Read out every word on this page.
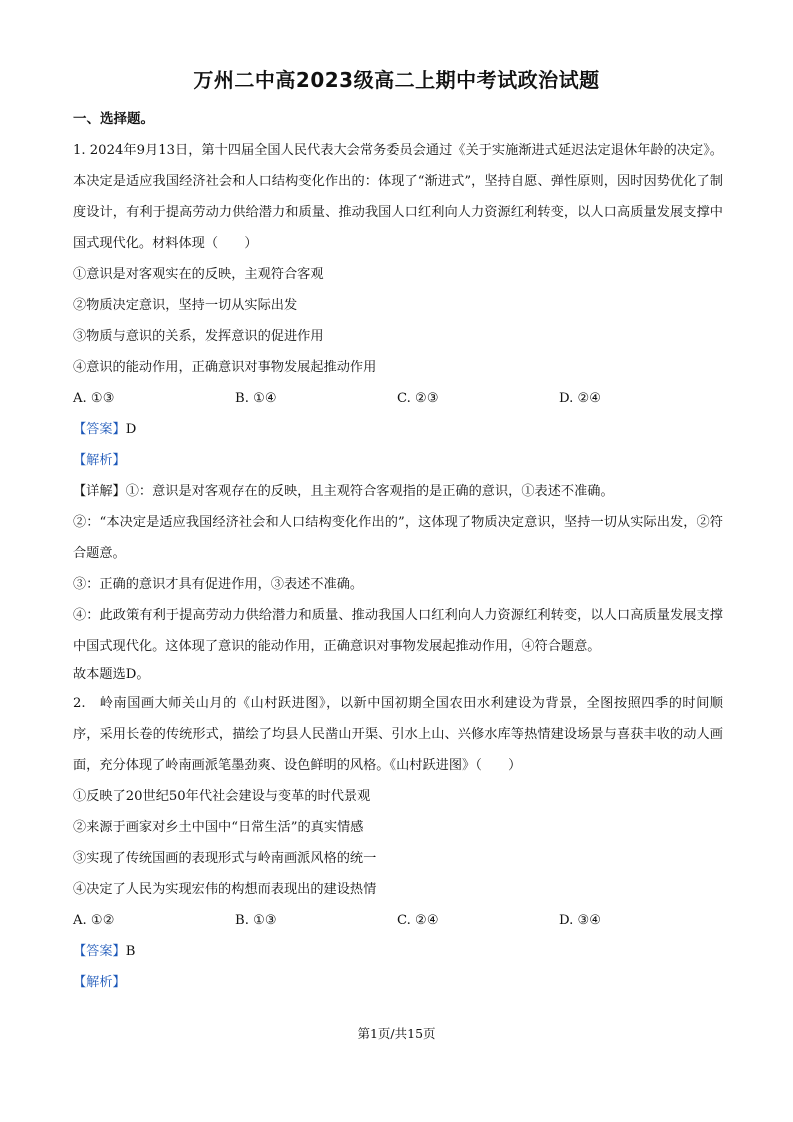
万州二中高2023级高二上期中考试政治试题
一、选择题。
1. 2024年9月13日，第十四届全国人民代表大会常务委员会通过《关于实施渐进式延迟法定退休年龄的决定》。本决定是适应我国经济社会和人口结构变化作出的：体现了“渐进式”，坚持自愿、弹性原则，因时因势优化了制度设计，有利于提高劳动力供给潜力和质量、推动我国人口红利向人力资源红利转变，以人口高质量发展支撑中国式现代化。材料体现（　　）
①意识是对客观实在的反映，主观符合客观
②物质决定意识，坚持一切从实际出发
③物质与意识的关系，发挥意识的促进作用
④意识的能动作用，正确意识对事物发展起推动作用
A. ①③	B. ①④	C. ②③	D. ②④
【答案】D
【解析】
【详解】①：意识是对客观存在的反映，且主观符合客观指的是正确的意识，①表述不准确。
②：“本决定是适应我国经济社会和人口结构变化作出的”，这体现了物质决定意识，坚持一切从实际出发，②符合题意。
③：正确的意识才具有促进作用，③表述不准确。
④：此政策有利于提高劳动力供给潜力和质量、推动我国人口红利向人力资源红利转变，以人口高质量发展支撑中国式现代化。这体现了意识的能动作用，正确意识对事物发展起推动作用，④符合题意。
故本题选D。
2.　岭南国画大师关山月的《山村跃进图》，以新中国初期全国农田水利建设为背景，全图按照四季的时间顺序，采用长卷的传统形式，描绘了均县人民凿山开渠、引水上山、兴修水库等热情建设场景与喜获丰收的动人画面，充分体现了岭南画派笔墨劲爽、设色鲜明的风格。《山村跃进图》（　　）
①反映了20世纪50年代社会建设与变革的时代景观
②来源于画家对乡土中国中“日常生活”的真实情感
③实现了传统国画的表现形式与岭南画派风格的统一
④决定了人民为实现宏伟的构想而表现出的建设热情
A. ①②	B. ①③	C. ②④	D. ③④
【答案】B
【解析】
第1页/共15页
